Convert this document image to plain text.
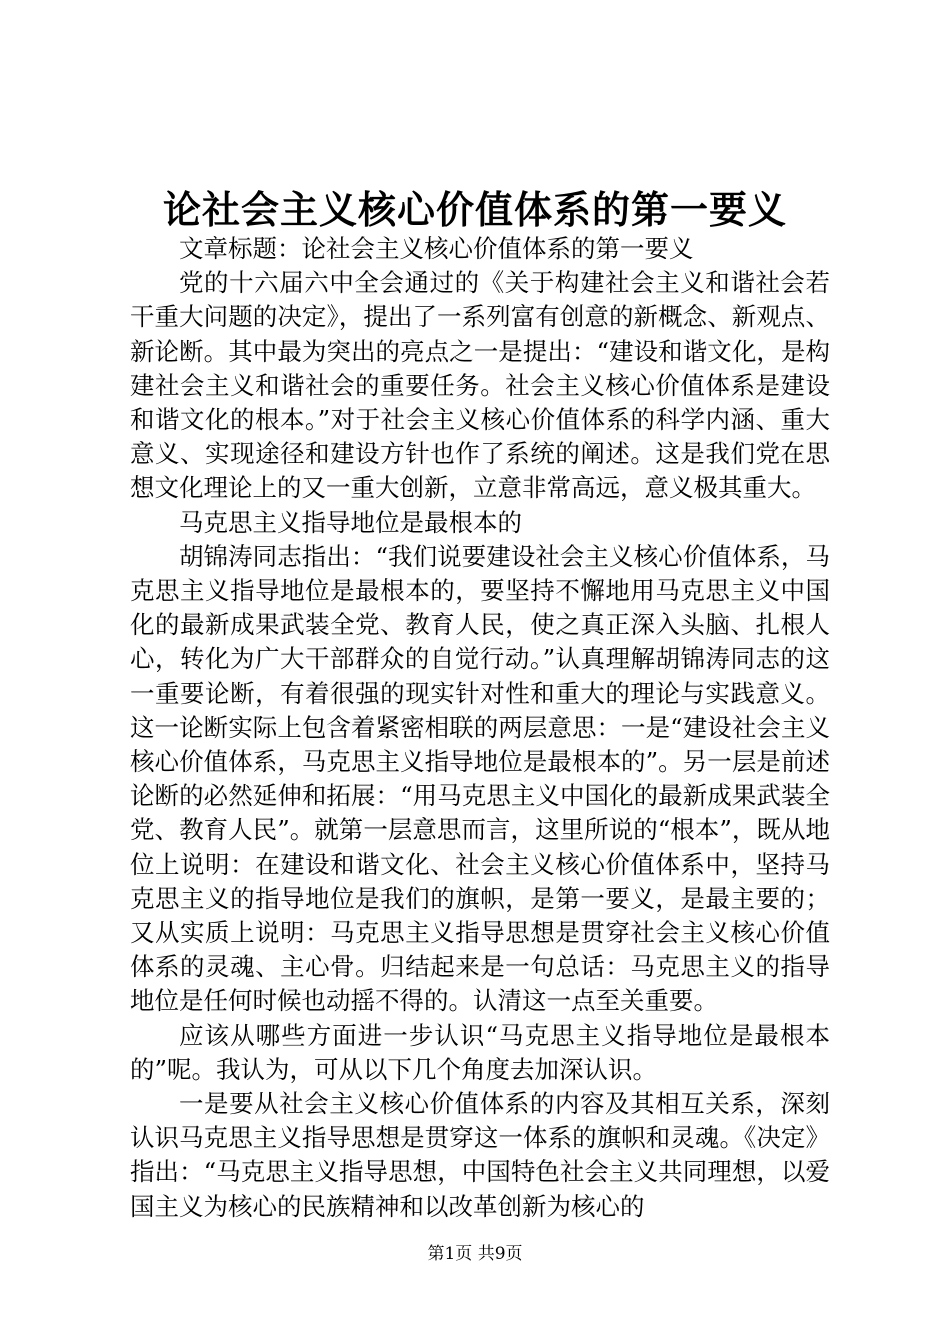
论社会主义核心价值体系的第一要义

文章标题：论社会主义核心价值体系的第一要义

党的十六届六中全会通过的《关于构建社会主义和谐社会若干重大问题的决定》，提出了一系列富有创意的新概念、新观点、新论断。其中最为突出的亮点之一是提出：“建设和谐文化，是构建社会主义和谐社会的重要任务。社会主义核心价值体系是建设和谐文化的根本。”对于社会主义核心价值体系的科学内涵、重大意义、实现途径和建设方针也作了系统的阐述。这是我们党在思想文化理论上的又一重大创新，立意非常高远，意义极其重大。

马克思主义指导地位是最根本的

胡锦涛同志指出：“我们说要建设社会主义核心价值体系，马克思主义指导地位是最根本的，要坚持不懈地用马克思主义中国化的最新成果武装全党、教育人民，使之真正深入头脑、扎根人心，转化为广大干部群众的自觉行动。”认真理解胡锦涛同志的这一重要论断，有着很强的现实针对性和重大的理论与实践意义。这一论断实际上包含着紧密相联的两层意思：一是“建设社会主义核心价值体系，马克思主义指导地位是最根本的”。另一层是前述论断的必然延伸和拓展：“用马克思主义中国化的最新成果武装全党、教育人民”。就第一层意思而言，这里所说的“根本”，既从地位上说明：在建设和谐文化、社会主义核心价值体系中，坚持马克思主义的指导地位是我们的旗帜，是第一要义，是最主要的；又从实质上说明：马克思主义指导思想是贯穿社会主义核心价值体系的灵魂、主心骨。归结起来是一句总话：马克思主义的指导地位是任何时候也动摇不得的。认清这一点至关重要。

应该从哪些方面进一步认识“马克思主义指导地位是最根本的”呢。我认为，可从以下几个角度去加深认识。

一是要从社会主义核心价值体系的内容及其相互关系，深刻认识马克思主义指导思想是贯穿这一体系的旗帜和灵魂。《决定》指出：“马克思主义指导思想，中国特色社会主义共同理想，以爱国主义为核心的民族精神和以改革创新为核心的

第1页 共9页
